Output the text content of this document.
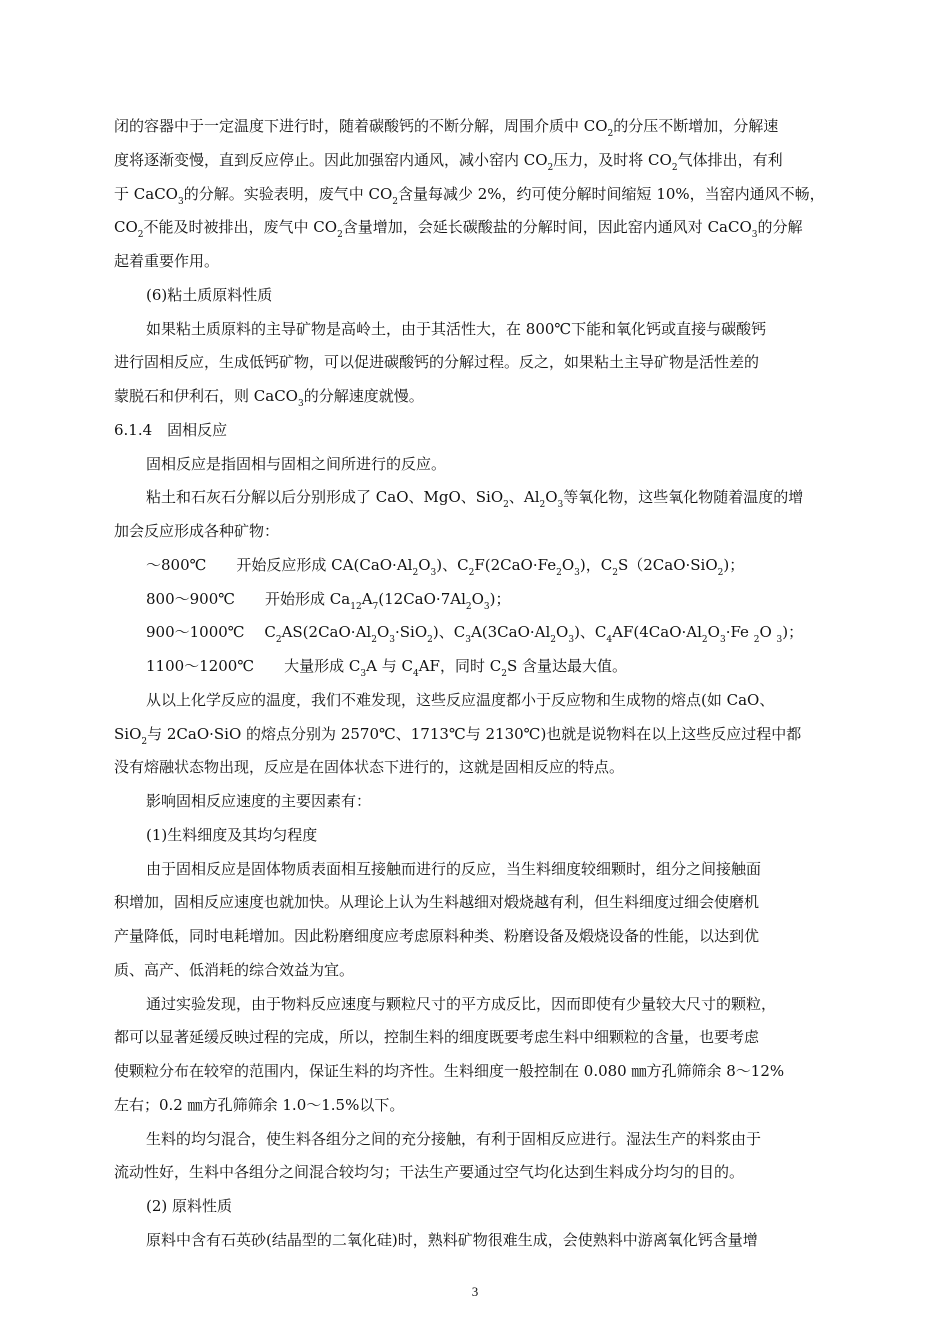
闭的容器中于一定温度下进行时，随着碳酸钙的不断分解，周围介质中 $CO_2$的分压不断增加，分解速
度将逐渐变慢，直到反应停止。因此加强窑内通风，减小窑内 $CO_2$压力，及时将 $CO_2$气体排出，有利
于 CaCO$_3$的分解。实验表明，废气中 $CO_2$含量每减少 2%，约可使分解时间缩短 10%，当窑内通风不畅，
$CO_2$不能及时被排出，废气中 $CO_2$含量增加，会延长碳酸盐的分解时间，因此窑内通风对 CaCO$_3$的分解
起着重要作用。
(6)粘土质原料性质
如果粘土质原料的主导矿物是高岭土，由于其活性大，在 800℃下能和氧化钙或直接与碳酸钙
进行固相反应，生成低钙矿物，可以促进碳酸钙的分解过程。反之，如果粘土主导矿物是活性差的
蒙脱石和伊利石，则 CaCO$_3$的分解速度就慢。
6.1.4　固相反应
固相反应是指固相与固相之间所进行的反应。
粘土和石灰石分解以后分别形成了 CaO、MgO、SiO$_2$、$Al_2O_3$等氧化物，这些氧化物随着温度的增
加会反应形成各种矿物：
～800℃　　开始反应形成 $CA(CaO\cdot Al_2O_3)$、$C_2F(2CaO\cdot Fe_2O_3)$，$C_2S(2CaO\cdot SiO_2)$；
800～900℃　　开始形成 $Ca_{12}A_7(12CaO\cdot 7Al_2O_3)$；
900～1000℃　 $C_2AS(2CaO\cdot Al_2O_3\cdot SiO_2)$、$C_3A(3CaO\cdot Al_2O_3)$、$C_4AF(4CaO\cdot Al_2O_3\cdot Fe$ $_2$O $_3$)；
1100～1200℃　　大量形成 $C_3A$ 与 $C_4AF$，同时 $C_2S$ 含量达最大值。
从以上化学反应的温度，我们不难发现，这些反应温度都小于反应物和生成物的熔点(如 CaO、
SiO$_2$与 2CaO·SiO 的熔点分别为 2570℃、1713℃与 2130℃)也就是说物料在以上这些反应过程中都
没有熔融状态物出现，反应是在固体状态下进行的，这就是固相反应的特点。
影响固相反应速度的主要因素有：
(1)生料细度及其均匀程度
由于固相反应是固体物质表面相互接触而进行的反应，当生料细度较细颗时，组分之间接触面
积增加，固相反应速度也就加快。从理论上认为生料越细对煅烧越有利，但生料细度过细会使磨机
产量降低，同时电耗增加。因此粉磨细度应考虑原料种类、粉磨设备及煅烧设备的性能，以达到优
质、高产、低消耗的综合效益为宜。
通过实验发现，由于物料反应速度与颗粒尺寸的平方成反比，因而即使有少量较大尺寸的颗粒，
都可以显著延缓反映过程的完成，所以，控制生料的细度既要考虑生料中细颗粒的含量，也要考虑
使颗粒分布在较窄的范围内，保证生料的均齐性。生料细度一般控制在 0.080 ㎜方孔筛筛余 8～12%
左右；0.2 ㎜方孔筛筛余 1.0～1.5%以下。
生料的均匀混合，使生料各组分之间的充分接触，有利于固相反应进行。湿法生产的料浆由于
流动性好，生料中各组分之间混合较均匀；干法生产要通过空气均化达到生料成分均匀的目的。
(2) 原料性质
原料中含有石英砂(结晶型的二氧化硅)时，熟料矿物很难生成，会使熟料中游离氧化钙含量增
3
